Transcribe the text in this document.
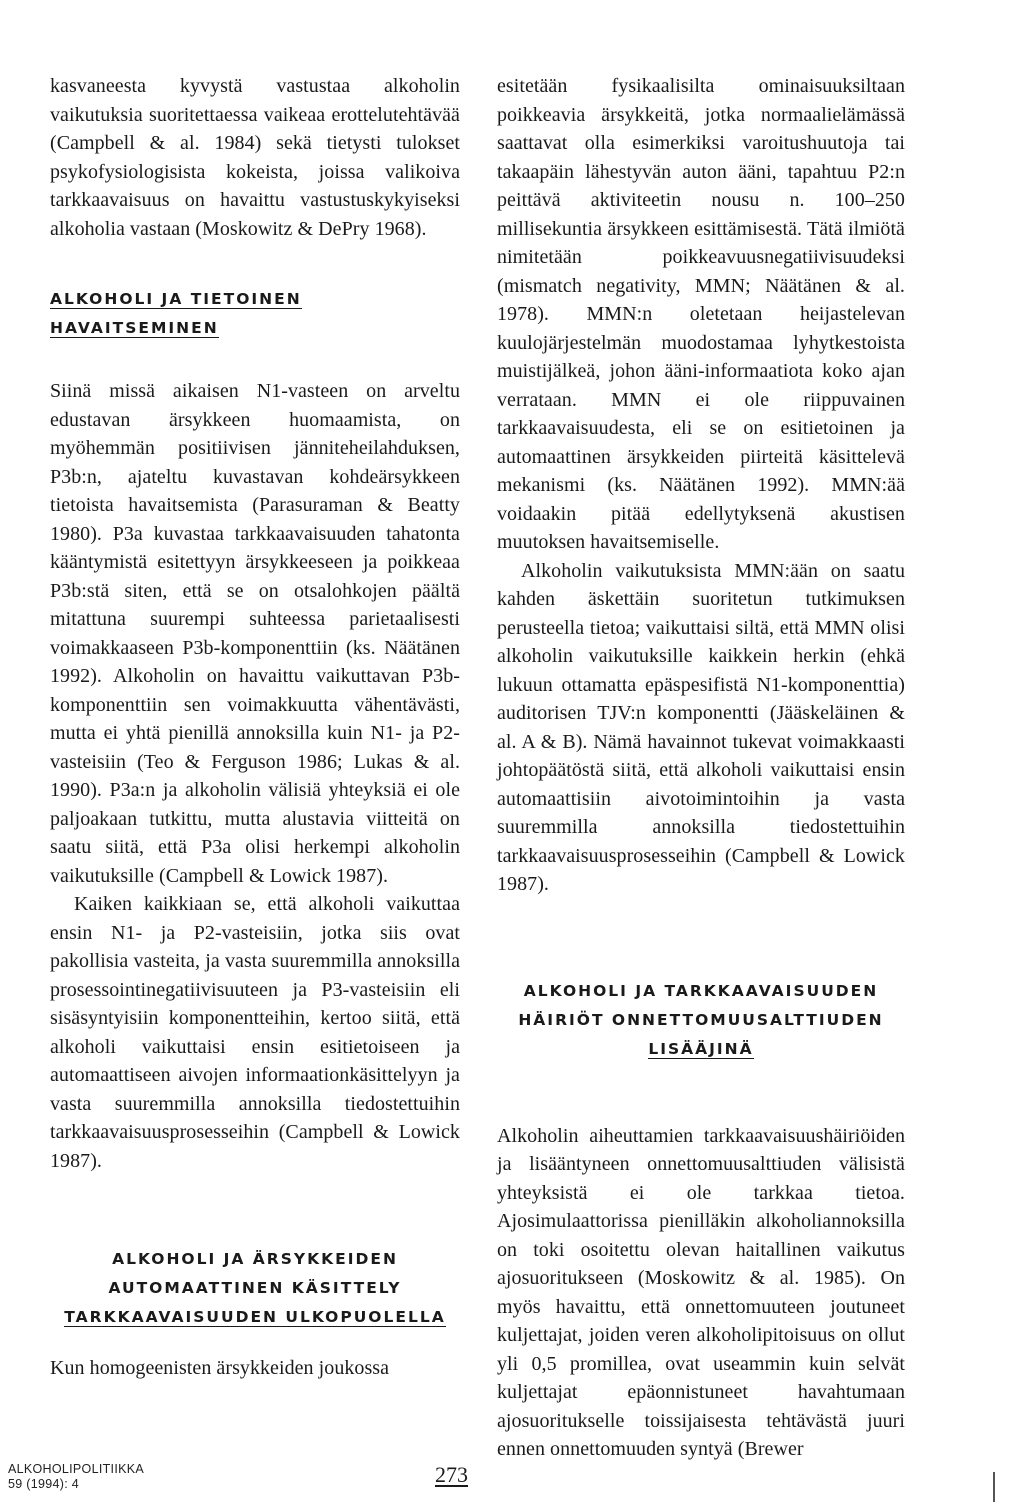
kasvaneesta kyvystä vastustaa alkoholin vaikutuksia suoritettaessa vaikeaa erottelutehtävää (Campbell & al. 1984) sekä tietysti tulokset psykofysiologisista kokeista, joissa valikoiva tarkkaavaisuus on havaittu vastustuskykyiseksi alkoholia vastaan (Moskowitz & DePry 1968).

ALKOHOLI JA TIETOINEN HAVAITSEMINEN

Siinä missä aikaisen N1-vasteen on arveltu edustavan ärsykkeen huomaamista, on myöhemmän positiivisen jänniteheilahduksen, P3b:n, ajateltu kuvastavan kohdeärsykkeen tietoista havaitsemista (Parasuraman & Beatty 1980). P3a kuvastaa tarkkaavaisuuden tahatonta kääntymistä esitettyyn ärsykkeeseen ja poikkeaa P3b:stä siten, että se on otsalohkojen päältä mitattuna suurempi suhteessa parietaalisesti voimakkaaseen P3b-komponenttiin (ks. Näätänen 1992). Alkoholin on havaittu vaikuttavan P3b-komponenttiin sen voimakkuutta vähentävästi, mutta ei yhtä pienillä annoksilla kuin N1- ja P2-vasteisiin (Teo & Ferguson 1986; Lukas & al. 1990). P3a:n ja alkoholin välisiä yhteyksiä ei ole paljoakaan tutkittu, mutta alustavia viitteitä on saatu siitä, että P3a olisi herkempi alkoholin vaikutuksille (Campbell & Lowick 1987).

Kaiken kaikkiaan se, että alkoholi vaikuttaa ensin N1- ja P2-vasteisiin, jotka siis ovat pakollisia vasteita, ja vasta suuremmilla annoksilla prosessointinegatiivisuuteen ja P3-vasteisiin eli sisäsyntyisiin komponentteihin, kertoo siitä, että alkoholi vaikuttaisi ensin esitietoiseen ja automaattiseen aivojen informaationkäsittelyyn ja vasta suuremmilla annoksilla tiedostettuihin tarkkaavaisuusprosesseihin (Campbell & Lowick 1987).

ALKOHOLI JA ÄRSYKKEIDEN
AUTOMAATTINEN KÄSITTELY
TARKKAAVAISUUDEN ULKOPUOLELLA

Kun homogeenisten ärsykkeiden joukossa

esitetään fysikaalisilta ominaisuuksiltaan poikkeavia ärsykkeitä, jotka normaalielämässä saattavat olla esimerkiksi varoitushuutoja tai takaapäin lähestyvän auton ääni, tapahtuu P2:n peittävä aktiviteetin nousu n. 100–250 millisekuntia ärsykkeen esittämisestä. Tätä ilmiötä nimitetään poikkeavuusnegatiivisuudeksi (mismatch negativity, MMN; Näätänen & al. 1978). MMN:n oletetaan heijastelevan kuulojärjestelmän muodostamaa lyhytkestoista muistijälkeä, johon ääni-informaatiota koko ajan verrataan. MMN ei ole riippuvainen tarkkaavaisuudesta, eli se on esitietoinen ja automaattinen ärsykkeiden piirteitä käsittelevä mekanismi (ks. Näätänen 1992). MMN:ää voidaakin pitää edellytyksenä akustisen muutoksen havaitsemiselle.

Alkoholin vaikutuksista MMN:ään on saatu kahden äskettäin suoritetun tutkimuksen perusteella tietoa; vaikuttaisi siltä, että MMN olisi alkoholin vaikutuksille kaikkein herkin (ehkä lukuun ottamatta epäspesifistä N1-komponenttia) auditorisen TJV:n komponentti (Jääskeläinen & al. A & B). Nämä havainnot tukevat voimakkaasti johtopäätöstä siitä, että alkoholi vaikuttaisi ensin automaattisiin aivotoimintoihin ja vasta suuremmilla annoksilla tiedostettuihin tarkkaavaisuusprosesseihin (Campbell & Lowick 1987).

ALKOHOLI JA TARKKAAVAISUUDEN
HÄIRIÖT ONNETTOMUUSALTTIUDEN
LISÄÄJINÄ

Alkoholin aiheuttamien tarkkaavaisuushäiriöiden ja lisääntyneen onnettomuusalttiuden välisistä yhteyksistä ei ole tarkkaa tietoa. Ajosimulaattorissa pienilläkin alkoholiannoksilla on toki osoitettu olevan haitallinen vaikutus ajosuoritukseen (Moskowitz & al. 1985). On myös havaittu, että onnettomuuteen joutuneet kuljettajat, joiden veren alkoholipitoisuus on ollut yli 0,5 promillea, ovat useammin kuin selvät kuljettajat epäonnistuneet havahtumaan ajosuoritukselle toissijaisesta tehtävästä juuri ennen onnettomuuden syntyä (Brewer

ALKOHOLIPOLITIIKKA
59 (1994): 4	273
